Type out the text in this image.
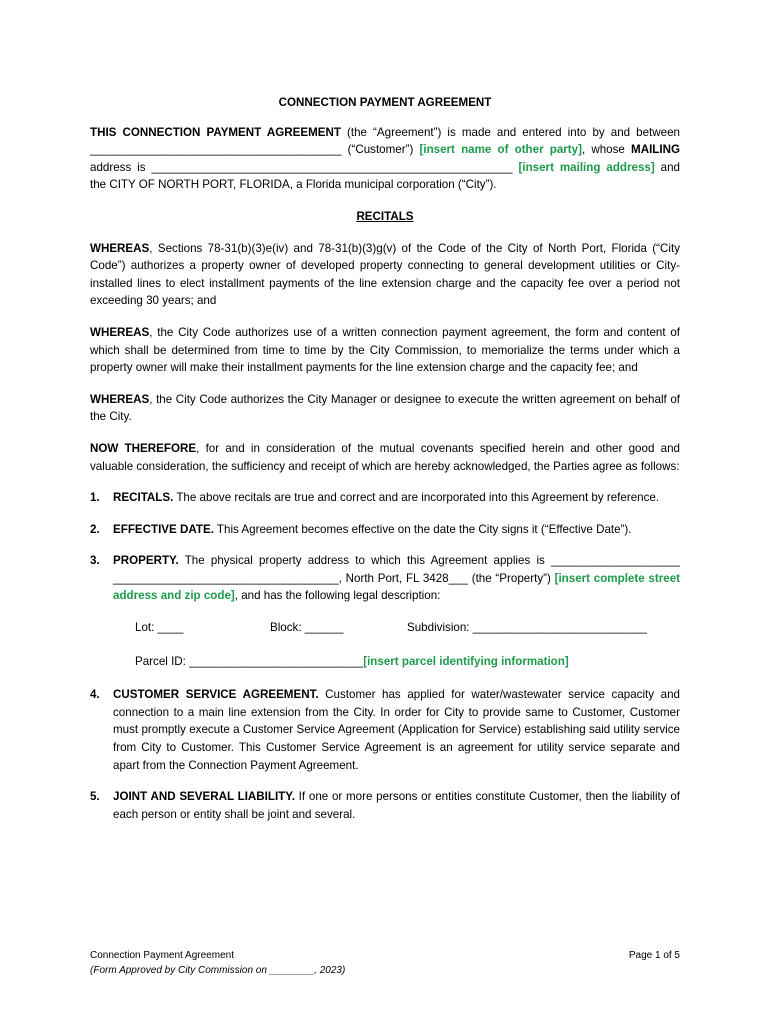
CONNECTION PAYMENT AGREEMENT

THIS CONNECTION PAYMENT AGREEMENT (the “Agreement”) is made and entered into by and between _______________________________________ (“Customer”) [insert name of other party], whose MAILING address is ________________________________________________________ [insert mailing address] and the CITY OF NORTH PORT, FLORIDA, a Florida municipal corporation (“City”).

RECITALS

WHEREAS, Sections 78-31(b)(3)e(iv) and 78-31(b)(3)g(v) of the Code of the City of North Port, Florida (“City Code”) authorizes a property owner of developed property connecting to general development utilities or City-installed lines to elect installment payments of the line extension charge and the capacity fee over a period not exceeding 30 years; and

WHEREAS, the City Code authorizes use of a written connection payment agreement, the form and content of which shall be determined from time to time by the City Commission, to memorialize the terms under which a property owner will make their installment payments for the line extension charge and the capacity fee; and

WHEREAS, the City Code authorizes the City Manager or designee to execute the written agreement on behalf of the City.

NOW THEREFORE, for and in consideration of the mutual covenants specified herein and other good and valuable consideration, the sufficiency and receipt of which are hereby acknowledged, the Parties agree as follows:

1. RECITALS. The above recitals are true and correct and are incorporated into this Agreement by reference.
2. EFFECTIVE DATE. This Agreement becomes effective on the date the City signs it (“Effective Date”).
3. PROPERTY. The physical property address to which this Agreement applies is ____________________ ___________________________________, North Port, FL 3428___ (the “Property”) [insert complete street address and zip code], and has the following legal description:
Lot: ____	Block: ______	Subdivision: ___________________________
Parcel ID: ___________________________ [insert parcel identifying information]
4. CUSTOMER SERVICE AGREEMENT. Customer has applied for water/wastewater service capacity and connection to a main line extension from the City. In order for City to provide same to Customer, Customer must promptly execute a Customer Service Agreement (Application for Service) establishing said utility service from City to Customer. This Customer Service Agreement is an agreement for utility service separate and apart from the Connection Payment Agreement.
5. JOINT AND SEVERAL LIABILITY. If one or more persons or entities constitute Customer, then the liability of each person or entity shall be joint and several.
Connection Payment Agreement
(Form Approved by City Commission on ________, 2023)
Page 1 of 5
